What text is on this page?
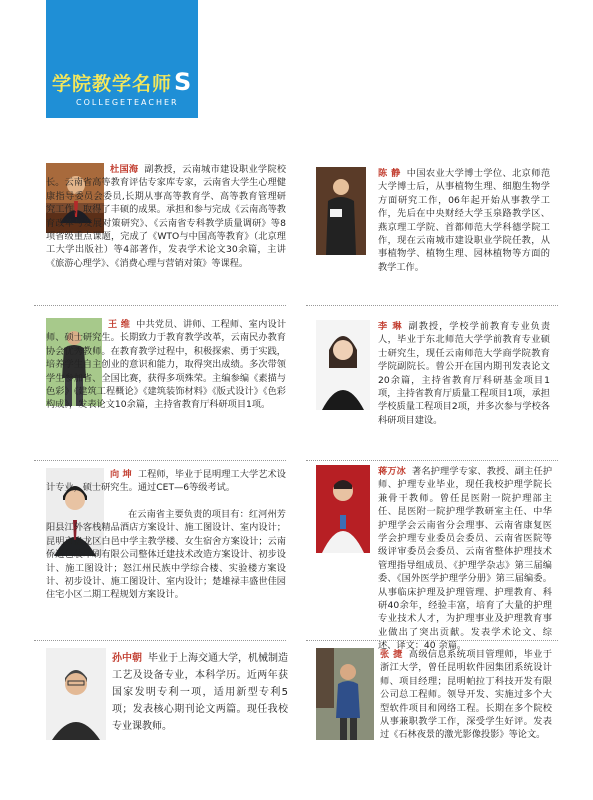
学院教学名师S
COLLEGETEACHER
杜国海 副教授，云南城市建设职业学院校长。云南省高等教育评估专家库专家，云南省大学生心理健康指导委员会委员,长期从事高等教育学、高等教育管理研究工作，取得了丰硕的成果。承担和参与完成《云南高等教育改革与发展对策研究》、《云南省专科教学质量调研》等8项省级重点课题，完成了《WTO与中国高等教育》（北京理工大学出版社）等4部著作，发表学术论文30余篇，主讲《旅游心理学》、《消费心理与营销对策》等课程。
陈 静 中国农业大学博士学位、北京师范大学博士后，从事植物生理、细胞生物学方面研究工作，06年起开始从事教学工作，先后在中央财经大学玉泉路教学区、燕京理工学院、首都师范大学科德学院工作，现在云南城市建设职业学院任教，从事植物学、植物生理、园林植物等方面的教学工作。
王 维 中共党员、讲师、工程师、室内设计师、硕士研究生。长期致力于教育教学改革，云南民办教育协会优秀教师。在教育教学过程中，积极探索、勇于实践，培养学生自主创业的意识和能力，取得突出成绩。多次带领学生参加省、全国比赛，获得多项殊荣。主编参编《素描与色彩》《建筑工程概论》《建筑装饰材料》《版式设计》《色彩构成》，发表论文10余篇，主持省教育厅科研项目1项。
李 琳 副教授，学校学前教育专业负责人，毕业于东北师范大学学前教育专业硕士研究生，现任云南师范大学商学院教育学院副院长。曾公开在国内期刊发表论文20余篇，主持省教育厅科研基金项目1项，主持省教育厅质量工程项目1项，承担学校质量工程项目2项，并多次参与学校各科研项目建设。
向 坤 工程师，毕业于昆明理工大学艺术设计专业，硕士研究生。通过CET—6等级考试。
在云南省主要负责的项目有：红河州芳阳县江外客栈精品酒店方案设计、施工图设计、室内设计；昆明市盘龙区白邑中学主教学楼、女生宿舍方案设计；云南侨通包装印刷有限公司整体迁建技术改造方案设计、初步设计、施工图设计；怒江州民族中学综合楼、实验楼方案设计、初步设计、施工图设计、室内设计；楚雄禄丰盛世佳园住宅小区二期工程规划方案设计。
蒋万冰 著名护理学专家、教授、副主任护师、护理专业毕业，现任我校护理学院长兼骨干教师。曾任昆医附一院护理部主任、昆医附一院护理学教研室主任、中华护理学会云南省分会理事、云南省康复医学会护理专业委员会委员、云南省医院等级评审委员会委员、云南省整体护理技术管理指导组成员、《护理学杂志》第三届编委、《国外医学护理学分册》第三届编委。从事临床护理及护理管理、护理教育、科研40余年，经验丰富，培育了大量的护理专业技术人才，为护理事业及护理教育事业做出了突出贡献。发表学术论文、综述、译文：40 余篇。
孙中朝 毕业于上海交通大学，机械制造工艺及设备专业，本科学历。近两年获国家发明专利一项，适用新型专利5项；发表核心期刊论文两篇。现任我校专业课教师。
张 捷 高级信息系统项目管理师，毕业于浙江大学，曾任昆明软件园集团系统设计师、项目经理；昆明帕拉丁科技开发有限公司总工程师。领导开发、实施过多个大型软件项目和网络工程。长期在多个院校从事兼职教学工作，深受学生好评。发表过《石林夜景的激光影像投影》等论文。
